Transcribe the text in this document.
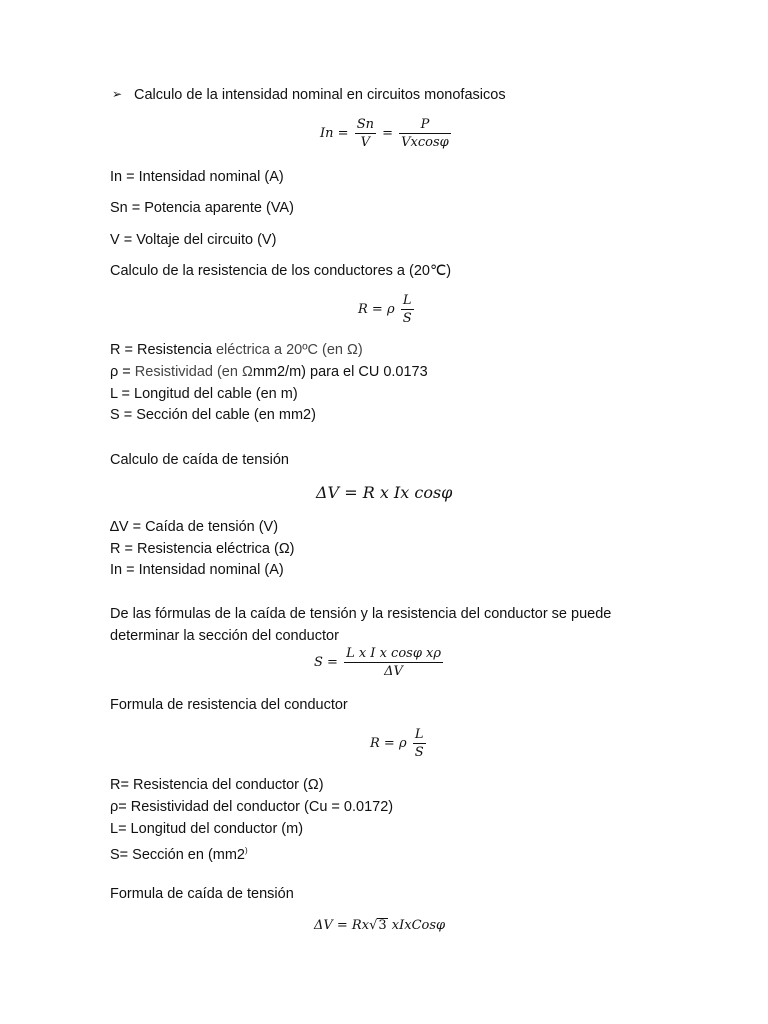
➢ Calculo de la intensidad nominal en circuitos monofasicos

$In = \frac{Sn}{V} = \frac{P}{Vxcos\varphi}$

In = Intensidad nominal (A)

Sn = Potencia aparente (VA)

V = Voltaje del circuito (V)

Calculo de la resistencia de los conductores a (20℃)

R = ρ $\frac{L}{S}$

R = Resistencia eléctrica a 20ºC (en Ω)

ρ = Resistividad (en Ωmm2/m) para el CU 0.0173

L = Longitud del cable (en m)

S = Sección del cable (en mm2)

Calculo de caída de tensión

ΔV = R x Ix cosφ

∆V = Caída de tensión (V)

R = Resistencia eléctrica (Ω)

In = Intensidad nominal (A)

De las fórmulas de la caída de tensión y la resistencia del conductor se puede

determinar la sección del conductor

$S = \frac{\text{L x I x cosφ xρ}}{\Delta V}$

Formula de resistencia del conductor

R = ρ $\frac{L}{S}$

R= Resistencia del conductor (Ω)

ρ= Resistividad del conductor (Cu = 0.0172)

L= Longitud del conductor (m)

S= Sección en (mm2)

Formula de caída de tensión

ΔV = Rx√3 xIxCosφ
